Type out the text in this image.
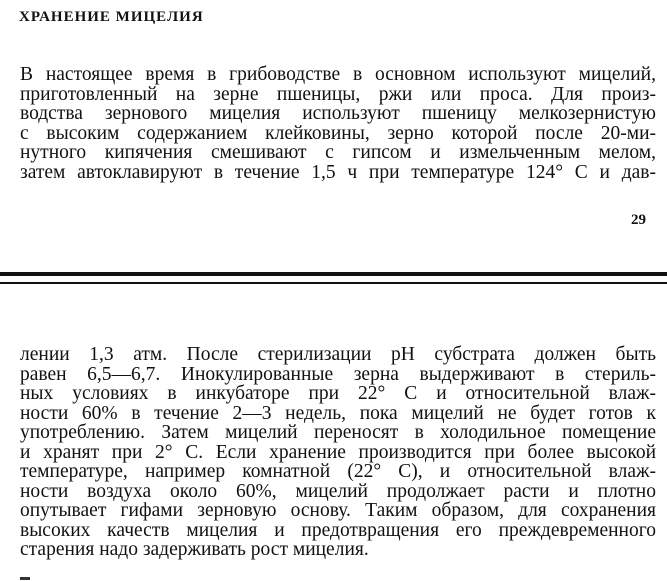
ХРАНЕНИЕ МИЦЕЛИЯ
В настоящее время в грибоводстве в основном используют мицелий,
приготовленный на зерне пшеницы, ржи или проса. Для произ-
водства зернового мицелия используют пшеницу мелкозернистую
с высоким содержанием клейковины, зерно которой после 20-ми-
нутного кипячения смешивают с гипсом и измельченным мелом,
затем автоклавируют в течение 1,5 ч при температуре 124° С и дав-
29
лении 1,3 атм. После стерилизации pH субстрата должен быть
равен 6,5—6,7. Инокулированные зерна выдерживают в стериль-
ных условиях в инкубаторе при 22° С и относительной влаж-
ности 60% в течение 2—3 недель, пока мицелий не будет готов к
употреблению. Затем мицелий переносят в холодильное помещение
и хранят при 2° С. Если хранение производится при более высокой
температуре, например комнатной (22° С), и относительной влаж-
ности воздуха около 60%, мицелий продолжает расти и плотно
опутывает гифами зерновую основу. Таким образом, для сохранения
высоких качеств мицелия и предотвращения его преждевременного
старения надо задерживать рост мицелия.
